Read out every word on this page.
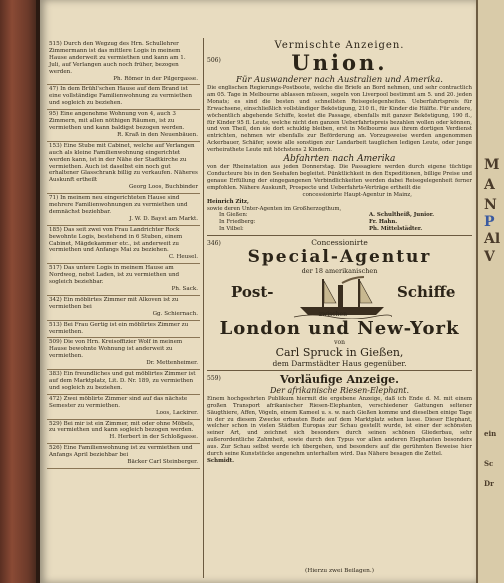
M
A
N
P
Al
V
ein
Sc
Dr

515) Durch den Wegzug des Hrn. Schullehrer Zimmermann ist das mittlere Logis in meinem Hause anderweit zu vermiethen und kann am 1. Juli, auf Verlangen auch noch früher, bezogen werden.

Ph. Römer in der Pilgergasse.

47) In dem Brühl'schen Hause auf dem Brand ist eine vollständige Familienwohnung zu vermiethen und sogleich zu beziehen.

95) Eine angenehme Wohnung von 4, auch 3 Zimmern, mit allen nöthigen Räumen, ist zu vermiethen und kann baldigst bezogen werden.

R. Kraß in den Neuenbäuen.

153) Eine Stube mit Cabinet, welche auf Verlangen auch als kleine Familienwohnung eingerichtet werden kann, ist in der Nähe der Stadtkirche zu vermiethen. Auch ist daselbst ein noch gut erhaltener Glasschrank billig zu verkaufen. Näheres Auskunft ertheilt

Georg Loos, Buchbinder

71) In meinem neu eingerichteten Hause sind mehrere Familienwohnungen zu vermiethen und demnächst beziehbar.

J. W. D. Bayst am Markt.

185) Das seit zwei von Frau Landrichter Rock bewohnte Logis, bestehend in 6 Stuben, einem Cabinet, Mägdekammer etc., ist anderweit zu vermiethen und Anfangs Mai zu beziehen.

C. Heusel.

517) Das untere Logis in meinem Hause am Nordweg, nebst Laden, ist zu vermiethen und sogleich beziehbar.

Ph. Sack.

342) Ein möblirtes Zimmer mit Alkoven ist zu vermiethen bei

Gg. Schiernach.

513) Bei Frau Gertig ist ein möblirtes Zimmer zu vermiethen.

509) Die von Hrn. Kreisoffizier Wolf in meinem Hause bewohnte Wohnung ist anderweit zu vermiethen.

Dr. Mettenheimer.

383) Ein freundliches und gut möblirtes Zimmer ist auf dem Marktplatz, Lit. D. Nr. 189, zu vermiethen und sogleich zu beziehen.

472) Zwei möblirte Zimmer sind auf das nächste Semester zu vermiethen.

Loos, Lackirer.

529) Bei mir ist ein Zimmer, mit oder ohne Möbels, zu vermiethen und kann sogleich bezogen werden.

H. Herbert in der Schloßgasse.

526) Eine Familienwohnung ist zu vermiethen und Anfangs April beziehbar bei

Bäcker Carl Steinberger.

Vermischte Anzeigen.
506)	Union.
Für Auswanderer nach Australien und Amerika.
Die englischen Regierungs-Postboote, welche die Briefe an Bord nehmen, und sehr contractlich am 05. Tage in Melbourne ablassen müssen, segeln von Liverpool bestimmt am 5. und 20. jeden Monats; es sind die besten und schnellsten Reisegelegenheiten. Ueberfahrtspreis für Erwachsene, einschließlich vollständiger Beköstigung, 210 fl., für Kinder die Hälfte. Für andere, wöchentlich abgehende Schiffe, kostet die Passage, ebenfalls mit ganzer Beköstigung, 190 fl., für Kinder 95 fl. Leute, welche nicht den ganzen Ueberfahrtspreis bezahlen wollen oder können, und von Theil, den sie dort schuldig bleiben, erst in Melbourne aus ihrem dortigen Verdienst entrichten, nehmen wir ebenfalls zur Beförderung an. Vorzugsweise werden angenommen Ackerbauer, Schäfer, sowie alle sonstigen zur Landarbeit tauglichen ledigen Leute, oder junge verheirathete Leute mit höchstens 2 Kindern.
Abfahrten nach Amerika
von der Rheinstation aus jeden Donnerstag. Die Passagiere werden durch eigene tüchtige Conducteure bis in den Seehafen begleitet. Pünktlichkeit in den Expeditionen, billige Preise und genaue Erfüllung der eingegangenen Verbindlichkeiten werden dabei Reisegelegenheit ferner empfohlen. Nähere Auskunft, Prospecte und Ueberfahrts-Verträge ertheilt die
concessionirte Haupt-Agentur in Mainz,
Heinrich Zitz,
sowie deren Unter-Agenten im Großherzogthum,
In Gießen:	A. Schultheiß, Junior.
In Friedberg:	Fr. Hahn.
In Vilbel:	Ph. Mittelstädter.
346)	Concessionirte
Special-Agentur
der 18 amerikanischen
Post-	Schiffe
zwischen
London und New-York
von
Carl Spruck in Gießen,
dem Darmstädter Haus gegenüber.
559)	Vorläufige Anzeige.
Der afrikanische Riesen-Elephant.
Einem hochgeehrten Publikum hiermit die ergebene Anzeige, daß ich Ende d. M. mit einem großen Transport afrikanischer Riesen-Elephanten, verschiedener Gattungen seltener Säugthiere, Affen, Vögeln, einem Kameel u. s. w. nach Gießen komme und dieselben einige Tage in der zu diesem Zwecke erbauten Bude auf dem Marktplatz sehen lasse. Dieser Elephant, welcher schon in vielen Städten Europas zur Schau gestellt wurde, ist einer der schönsten seiner Art, und zeichnet sich besonders durch seinen schönen Gliederbau, sehr außerordentliche Zahmheit, sowie durch den Typus vor allen anderen Elephanten besonders aus. Zur Schau selbst werde ich übergehen, und besonders auf die gerühmten Beweise hier durch seine Kunststücke angenehm unterhalten wird. Das Nähere besagen die Zettel.
Schmidt.
(Hierzu zwei Beilagen.)
